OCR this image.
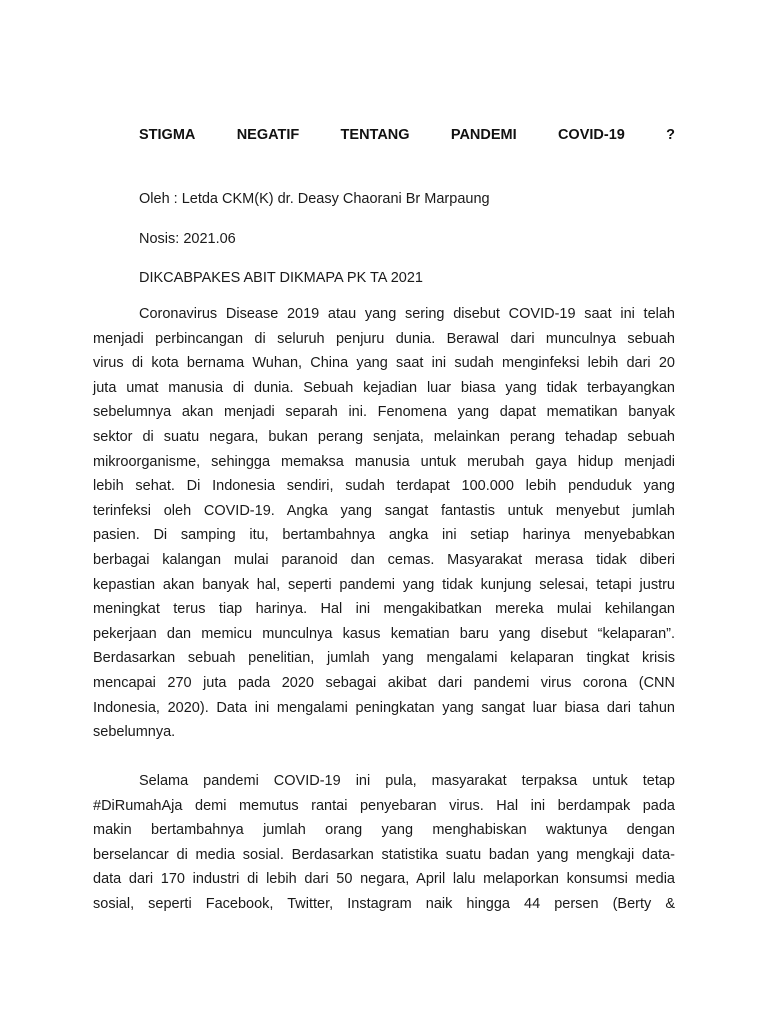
STIGMA	NEGATIF	TENTANG	PANDEMI	COVID-19	?
Oleh : Letda CKM(K) dr. Deasy Chaorani Br Marpaung
Nosis: 2021.06
DIKCABPAKES ABIT DIKMAPA PK TA 2021
Coronavirus Disease 2019 atau yang sering disebut COVID-19 saat ini telah
menjadi perbincangan di seluruh penjuru dunia. Berawal dari munculnya sebuah
virus di kota bernama Wuhan, China yang saat ini sudah menginfeksi lebih dari 20
juta umat manusia di dunia. Sebuah kejadian luar biasa yang tidak terbayangkan
sebelumnya akan menjadi separah ini. Fenomena yang dapat mematikan banyak
sektor di suatu negara, bukan perang senjata, melainkan perang tehadap sebuah
mikroorganisme, sehingga memaksa manusia untuk merubah gaya hidup menjadi
lebih sehat. Di Indonesia sendiri, sudah terdapat 100.000 lebih penduduk yang
terinfeksi oleh COVID-19. Angka yang sangat fantastis untuk menyebut jumlah
pasien. Di samping itu, bertambahnya angka ini setiap harinya menyebabkan
berbagai kalangan mulai paranoid dan cemas. Masyarakat merasa tidak diberi
kepastian akan banyak hal, seperti pandemi yang tidak kunjung selesai, tetapi justru
meningkat terus tiap harinya. Hal ini mengakibatkan mereka mulai kehilangan
pekerjaan dan memicu munculnya kasus kematian baru yang disebut “kelaparan”.
Berdasarkan sebuah penelitian, jumlah yang mengalami kelaparan tingkat krisis
mencapai 270 juta pada 2020 sebagai akibat dari pandemi virus corona (CNN
Indonesia, 2020). Data ini mengalami peningkatan yang sangat luar biasa dari tahun
sebelumnya.
Selama pandemi COVID-19 ini pula, masyarakat terpaksa untuk tetap
#DiRumahAja demi memutus rantai penyebaran virus. Hal ini berdampak pada
makin bertambahnya jumlah orang yang menghabiskan waktunya dengan
berselancar di media sosial. Berdasarkan statistika suatu badan yang mengkaji data-
data dari 170 industri di lebih dari 50 negara, April lalu melaporkan konsumsi media
sosial, seperti Facebook, Twitter, Instagram naik hingga 44 persen (Berty &
